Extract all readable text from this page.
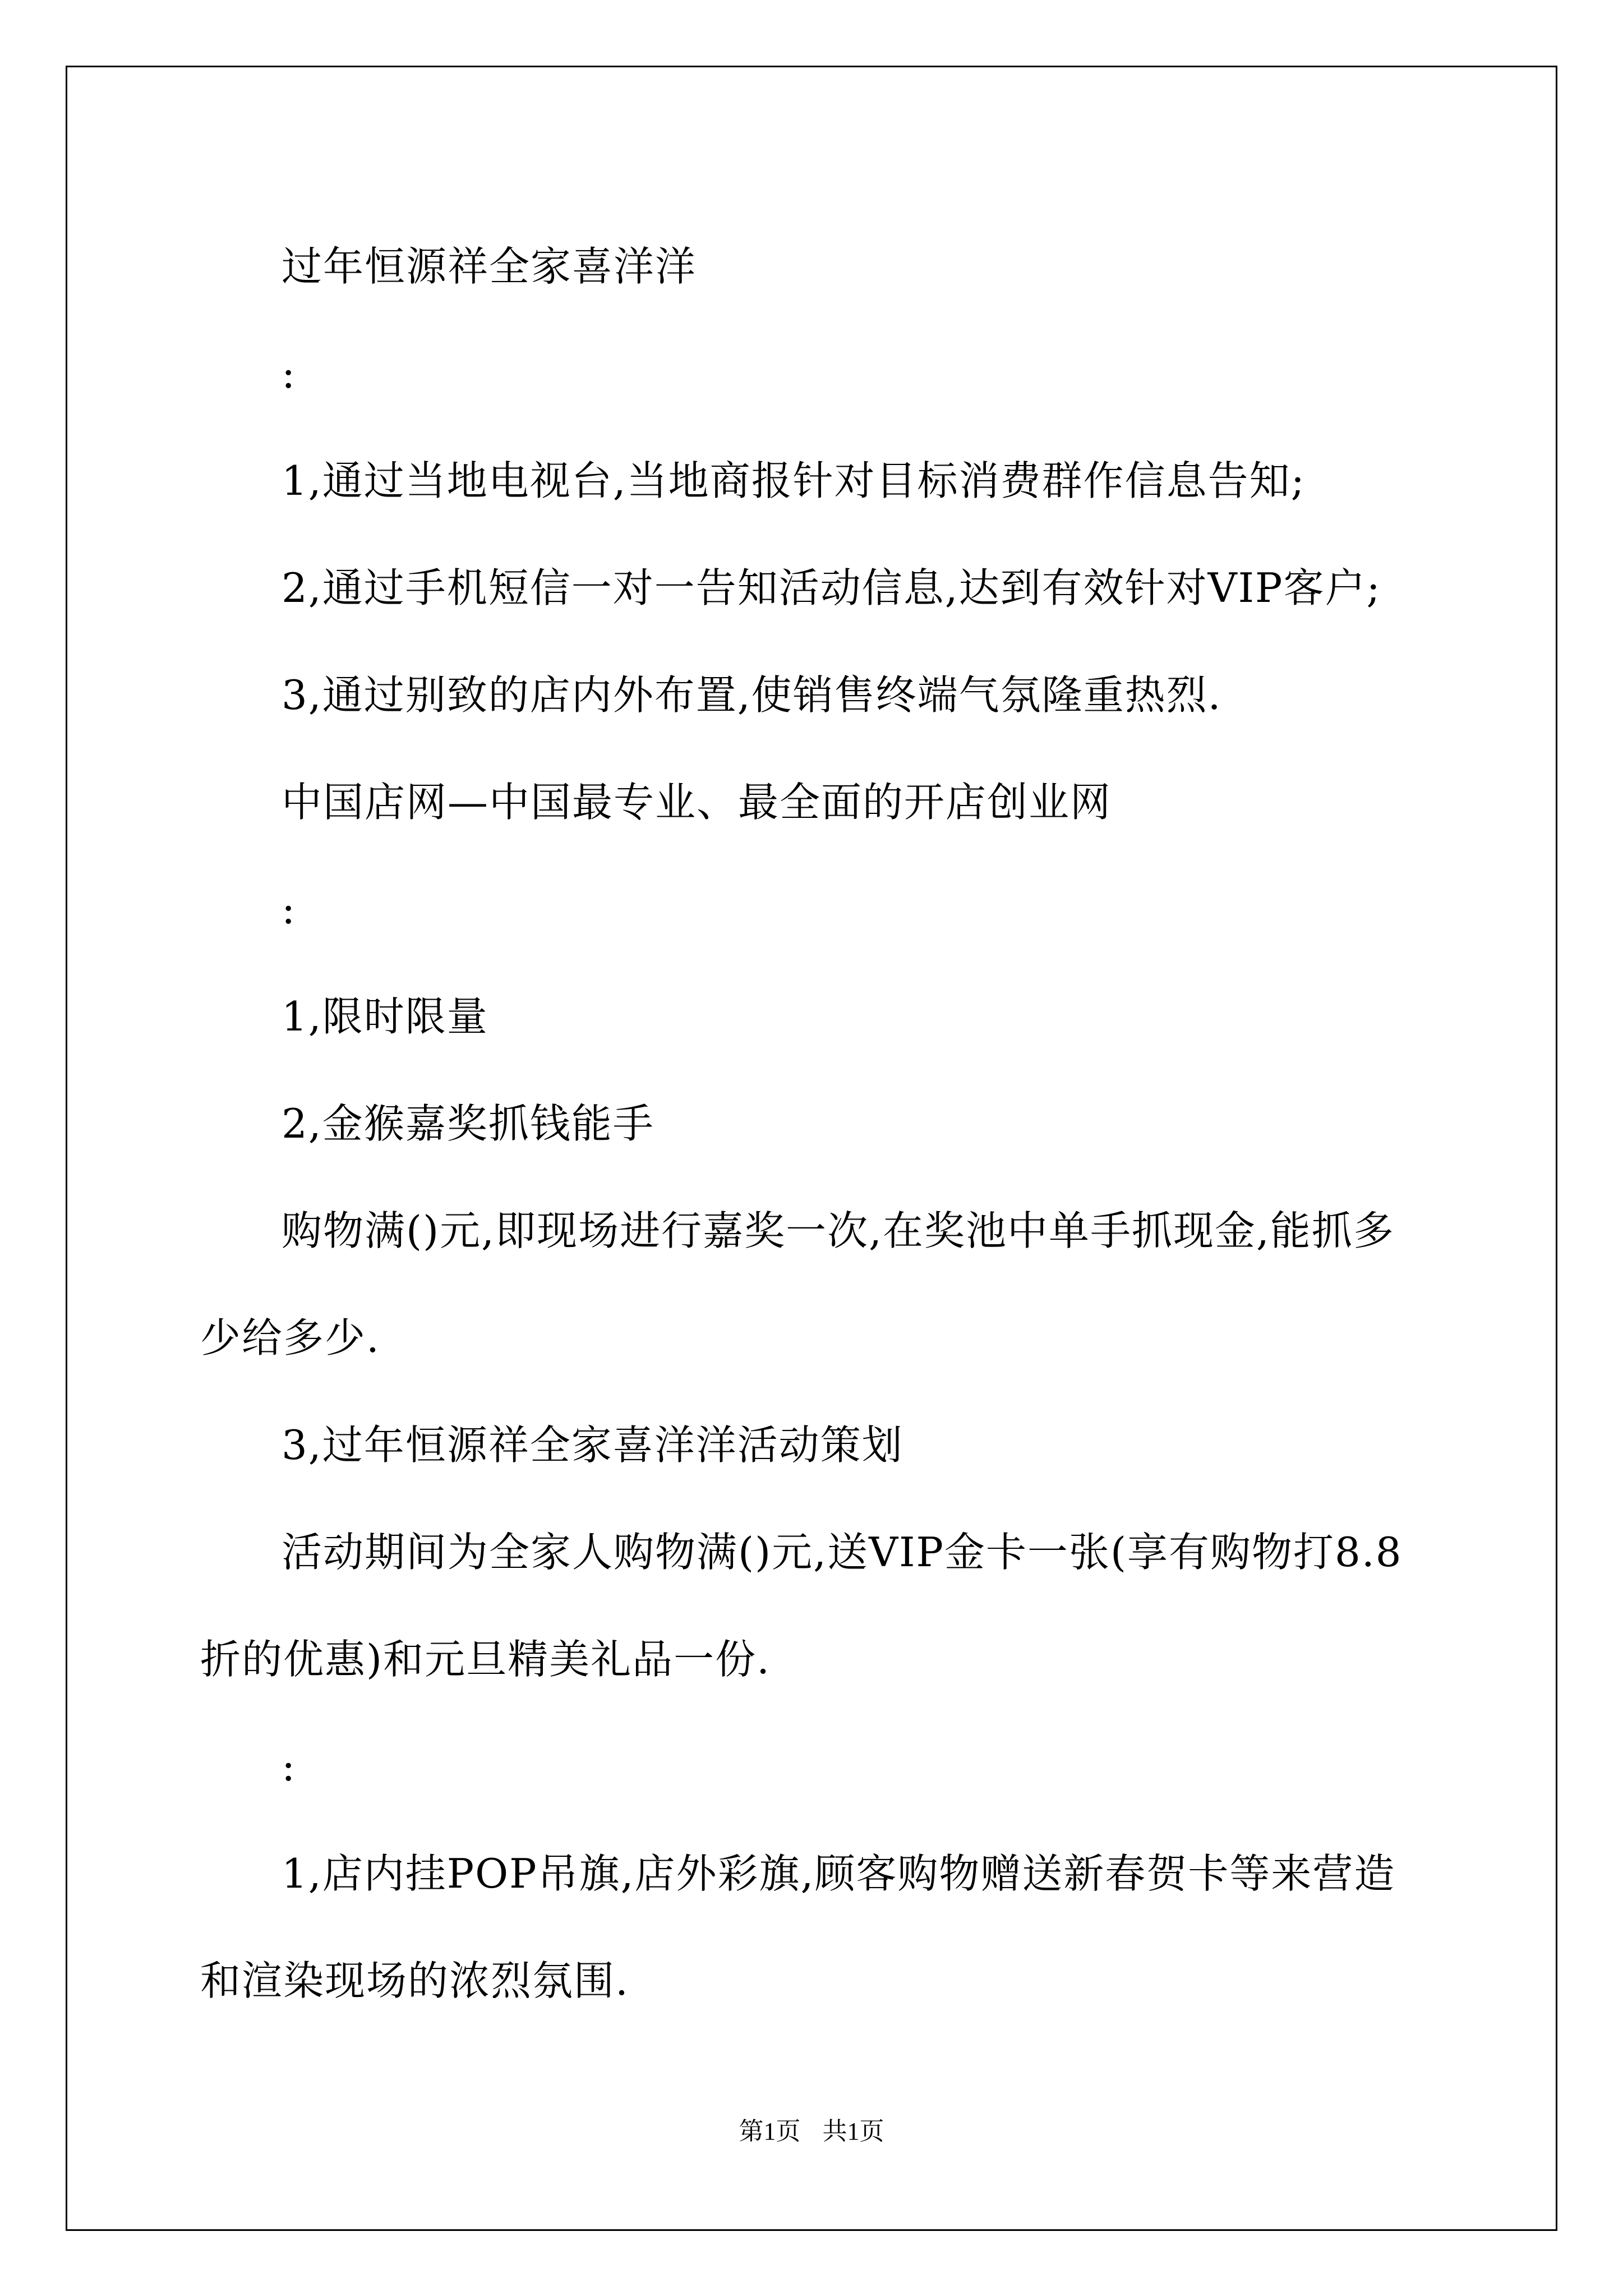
过年恒源祥全家喜洋洋

:

1,通过当地电视台,当地商报针对目标消费群作信息告知;

2,通过手机短信一对一告知活动信息,达到有效针对VIP客户;

3,通过别致的店内外布置,使销售终端气氛隆重热烈.

中国店网—中国最专业、最全面的开店创业网

:

1,限时限量

2,金猴嘉奖抓钱能手

购物满()元,即现场进行嘉奖一次,在奖池中单手抓现金,能抓多少给多少.

3,过年恒源祥全家喜洋洋活动策划

活动期间为全家人购物满()元,送VIP金卡一张(享有购物打8.8折的优惠)和元旦精美礼品一份.

:

1,店内挂POP吊旗,店外彩旗,顾客购物赠送新春贺卡等来营造和渲染现场的浓烈氛围.

第1页 共1页
